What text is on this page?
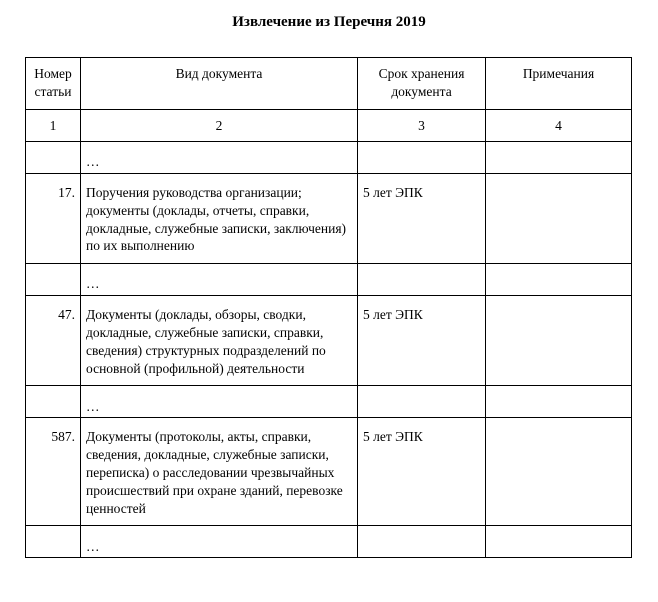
Извлечение из Перечня 2019
Номер статьи	Вид документа	Срок хранения документа	Примечания
1	2	3	4
	…		
17.	Поручения руководства организации; документы (доклады, отчеты, справки, докладные, служебные записки, заключения) по их выполнению	5 лет ЭПК	
	…		
47.	Документы (доклады, обзоры, сводки, докладные, служебные записки, справки, сведения) структурных подразделений по основной (профильной) деятельности	5 лет ЭПК	
	…		
587.	Документы (протоколы, акты, справки, сведения, докладные, служебные записки, переписка) о расследовании чрезвычайных происшествий при охране зданий, перевозке ценностей	5 лет ЭПК	
	…		
